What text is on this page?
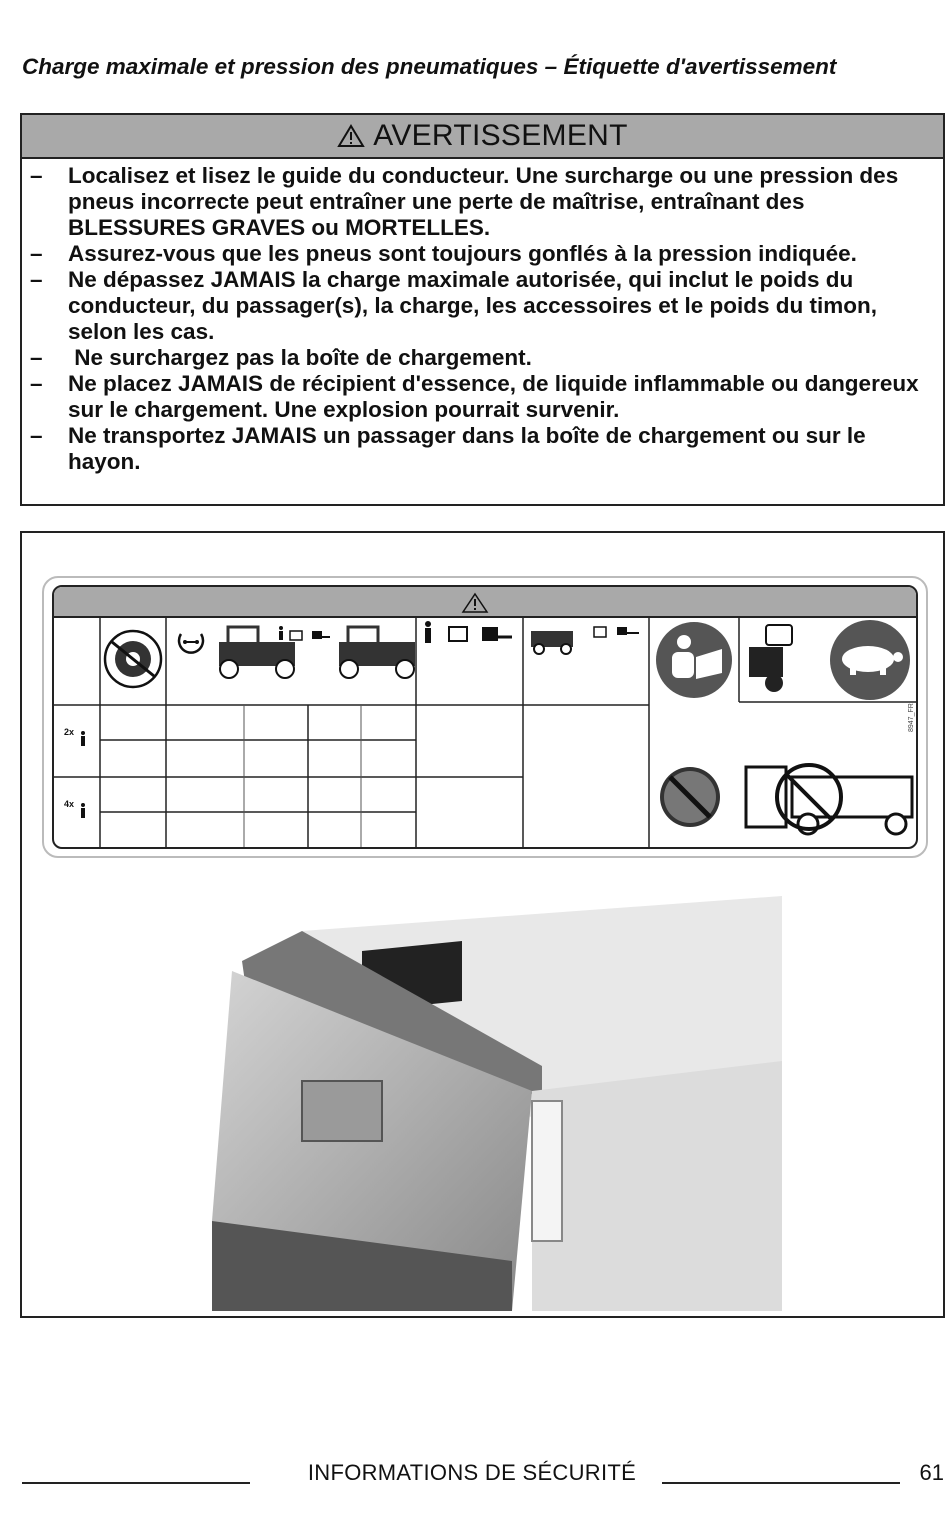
Charge maximale et pression des pneumatiques – Étiquette d'avertissement
AVERTISSEMENT
– Localisez et lisez le guide du conducteur. Une surcharge ou une pression des pneus incorrecte peut entraîner une perte de maîtrise, entraînant des BLESSURES GRAVES ou MORTELLES.
– Assurez-vous que les pneus sont toujours gonflés à la pression indiquée.
– Ne dépassez JAMAIS la charge maximale autorisée, qui inclut le poids du conducteur, du passager(s), la charge, les accessoires et le poids du timon, selon les cas.
– Ne surchargez pas la boîte de chargement.
– Ne placez JAMAIS de récipient d'essence, de liquide inflammable ou dangereux sur le chargement. Une explosion pourrait survenir.
– Ne transportez JAMAIS un passager dans la boîte de chargement ou sur le hayon.
2x
4x
8947_FR
INFORMATIONS DE SÉCURITÉ	61
